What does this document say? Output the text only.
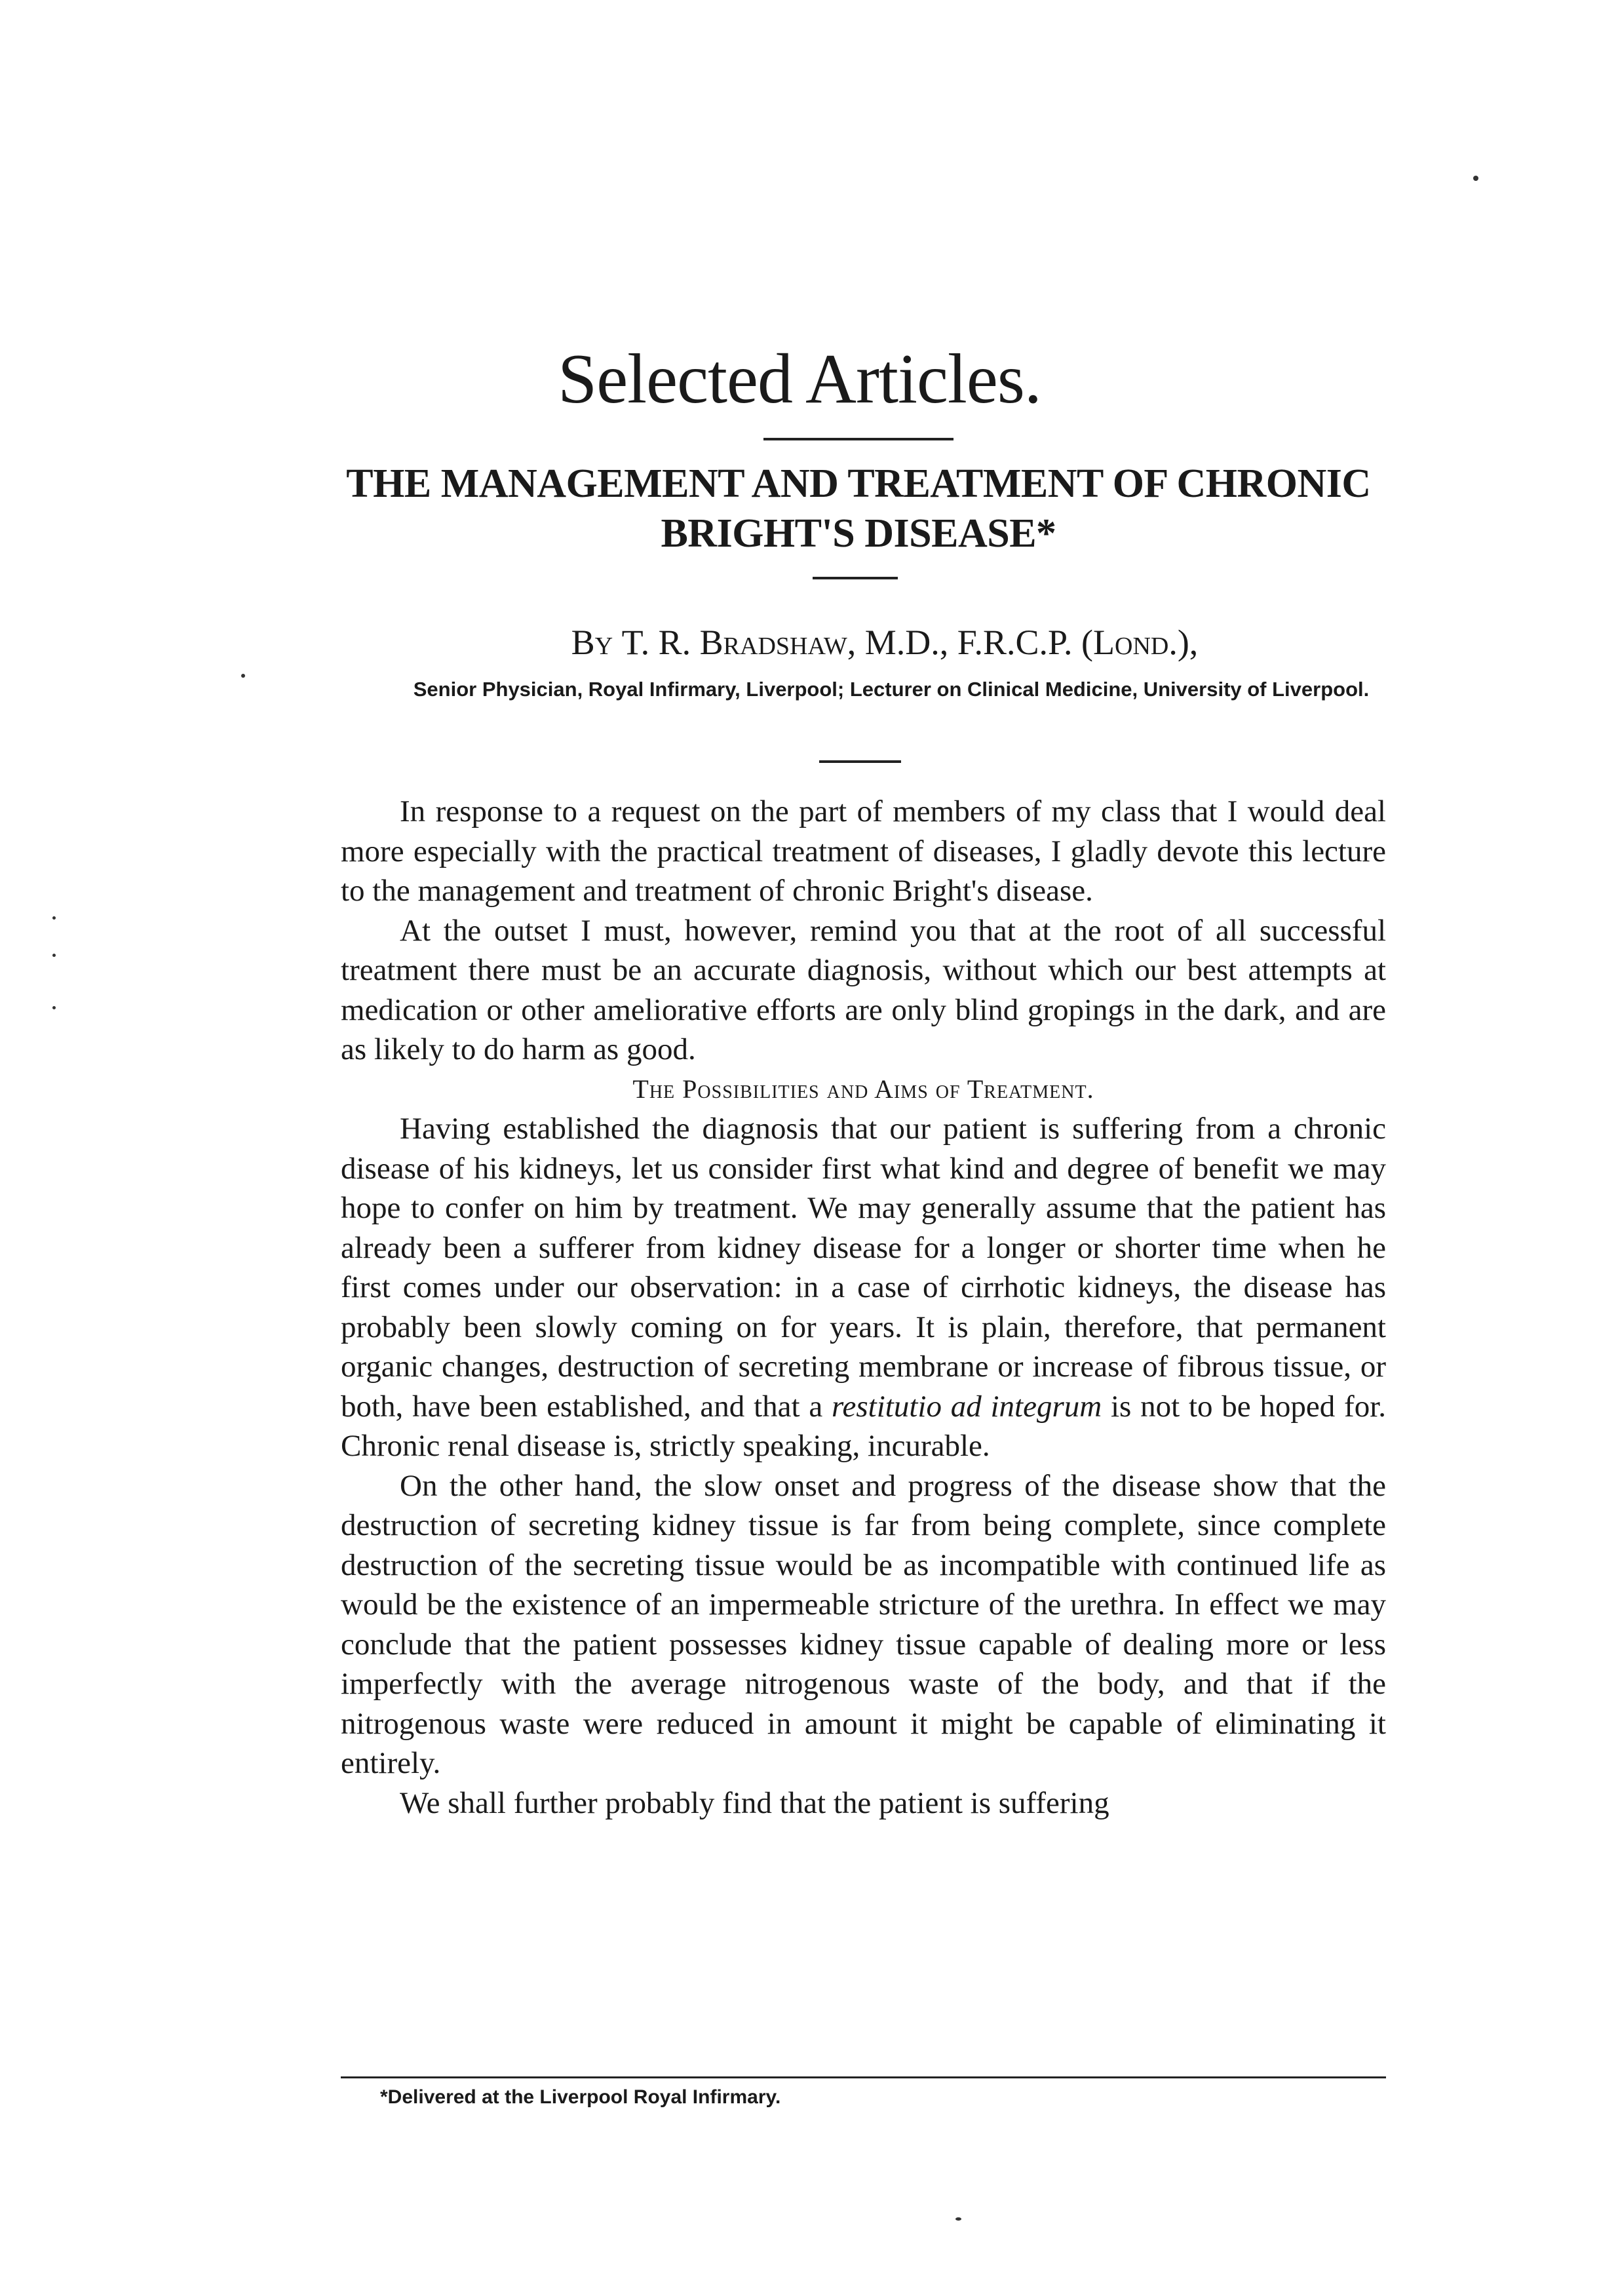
Selected Articles.
THE MANAGEMENT AND TREATMENT OF CHRONIC
BRIGHT'S DISEASE*
By T. R. Bradshaw, M.D., F.R.C.P. (Lond.),
Senior Physician, Royal Infirmary, Liverpool; Lecturer on Clinical Medicine, University of Liverpool.

In response to a request on the part of members of my class that I would deal more especially with the practical treatment of diseases, I gladly devote this lecture to the management and treatment of chronic Bright's disease.

At the outset I must, however, remind you that at the root of all successful treatment there must be an accurate diagnosis, without which our best attempts at medication or other ameliorative efforts are only blind gropings in the dark, and are as likely to do harm as good.

The Possibilities and Aims of Treatment.

Having established the diagnosis that our patient is suffering from a chronic disease of his kidneys, let us consider first what kind and degree of benefit we may hope to confer on him by treatment. We may generally assume that the patient has already been a sufferer from kidney disease for a longer or shorter time when he first comes under our observation: in a case of cirrhotic kidneys, the disease has probably been slowly coming on for years. It is plain, therefore, that permanent organic changes, destruction of secreting membrane or increase of fibrous tissue, or both, have been established, and that a restitutio ad integrum is not to be hoped for. Chronic renal disease is, strictly speaking, incurable.

On the other hand, the slow onset and progress of the disease show that the destruction of secreting kidney tissue is far from being complete, since complete destruction of the secreting tissue would be as incompatible with continued life as would be the existence of an impermeable stricture of the urethra. In effect we may conclude that the patient possesses kidney tissue capable of dealing more or less imperfectly with the average nitrogenous waste of the body, and that if the nitrogenous waste were reduced in amount it might be capable of eliminating it entirely.

We shall further probably find that the patient is suffering

*Delivered at the Liverpool Royal Infirmary.
